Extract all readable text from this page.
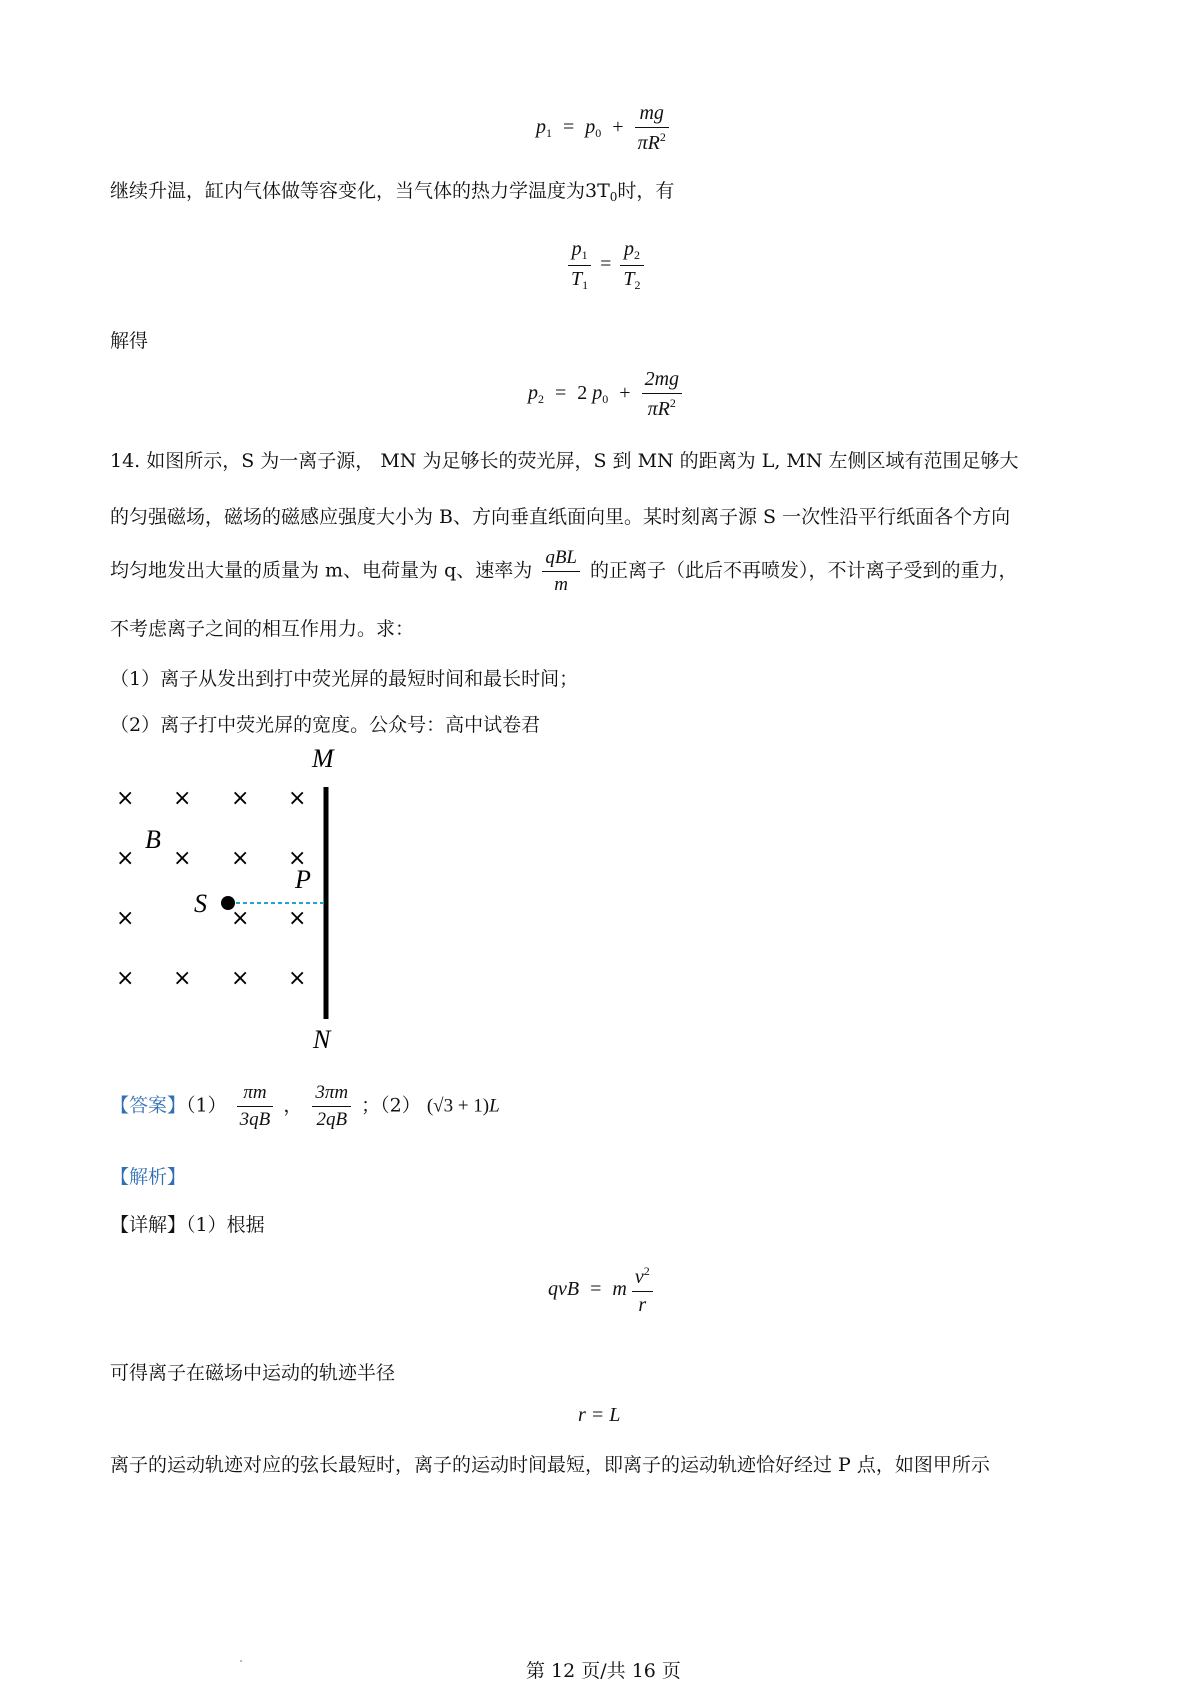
$p_1 = p_0 + \frac{mg}{\pi R^2}$
继续升温，缸内气体做等容变化，当气体的热力学温度为$3T_0$时，有
$\frac{p_1}{T_1} = \frac{p_2}{T_2}$
解得
$p_2 = 2$ $p_0 + \frac{2mg}{\pi R^2}$
14. 如图所示，S 为一离子源， MN 为足够长的荧光屏，S 到 MN 的距离为 L, MN 左侧区域有范围足够大
的匀强磁场，磁场的磁感应强度大小为 B、方向垂直纸面向里。某时刻离子源 S 一次性沿平行纸面各个方向
均匀地发出大量的质量为 m、电荷量为 q、速率为 $\frac{\text{qBL}}{m}$ 的正离子（此后不再喷发），不计离子受到的重力，
不考虑离子之间的相互作用力。求：
（1）离子从发出到打中荧光屏的最短时间和最长时间；
（2）离子打中荧光屏的宽度。公众号：高中试卷君
M
N
B
S
P
× × × ×
× × ×
×	× ×
× × × ×
×
【答案】$(1) \frac{\pi m}{3qB}$ ， $\frac{3\pi m}{2qB}$ ；（2） (√3 + 1)L
【解析】
【详解】（1）根据
qvB = m $\frac{v^2}{r}$
可得离子在磁场中运动的轨迹半径
r = L
离子的运动轨迹对应的弦长最短时，离子的运动时间最短，即离子的运动轨迹恰好经过 P 点，如图甲所示
第 12 页/共 16 页
